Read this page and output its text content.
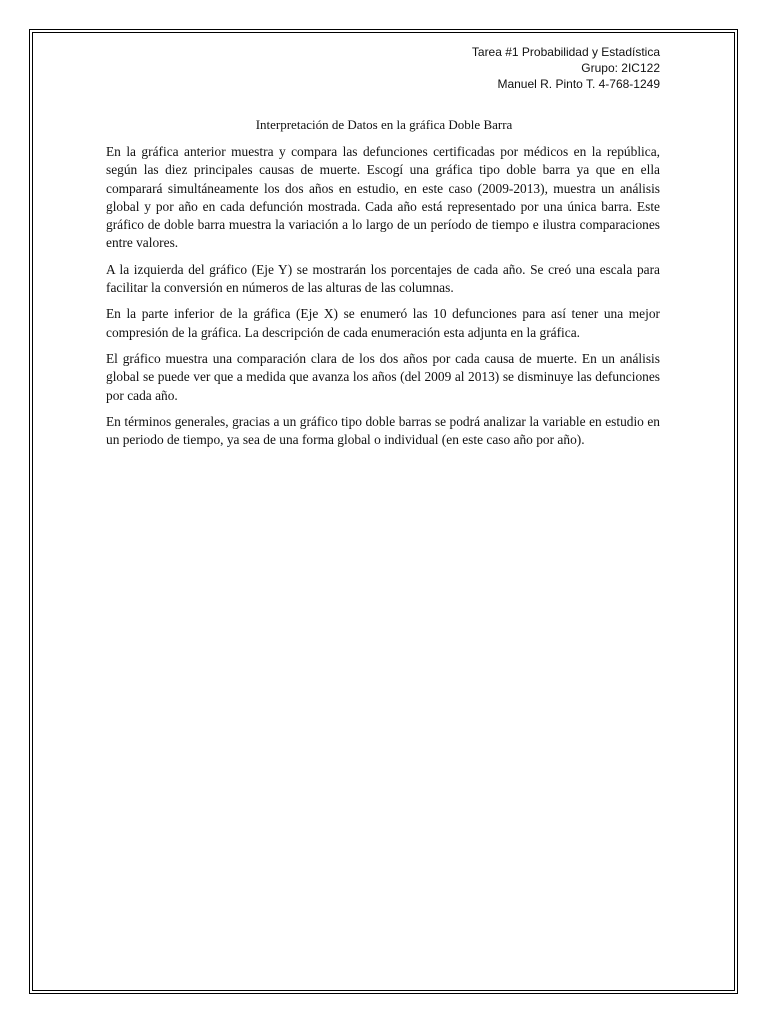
Tarea #1 Probabilidad y Estadística
Grupo: 2IC122
Manuel R. Pinto T. 4-768-1249
Interpretación de Datos en la gráfica Doble Barra

En la gráfica anterior muestra y compara las defunciones certificadas por médicos en la república, según las diez principales causas de muerte. Escogí una gráfica tipo doble barra ya que en ella comparará simultáneamente los dos años en estudio, en este caso (2009-2013), muestra un análisis global y por año en cada defunción mostrada. Cada año está representado por una única barra. Este gráfico de doble barra muestra la variación a lo largo de un período de tiempo e ilustra comparaciones entre valores.

A la izquierda del gráfico (Eje Y) se mostrarán los porcentajes de cada año. Se creó una escala para facilitar la conversión en números de las alturas de las columnas.

En la parte inferior de la gráfica (Eje X) se enumeró las 10 defunciones para así tener una mejor compresión de la gráfica. La descripción de cada enumeración esta adjunta en la gráfica.

El gráfico muestra una comparación clara de los dos años por cada causa de muerte. En un análisis global se puede ver que a medida que avanza los años (del 2009 al 2013) se disminuye las defunciones por cada año.

En términos generales, gracias a un gráfico tipo doble barras se podrá analizar la variable en estudio en un periodo de tiempo, ya sea de una forma global o individual (en este caso año por año).
